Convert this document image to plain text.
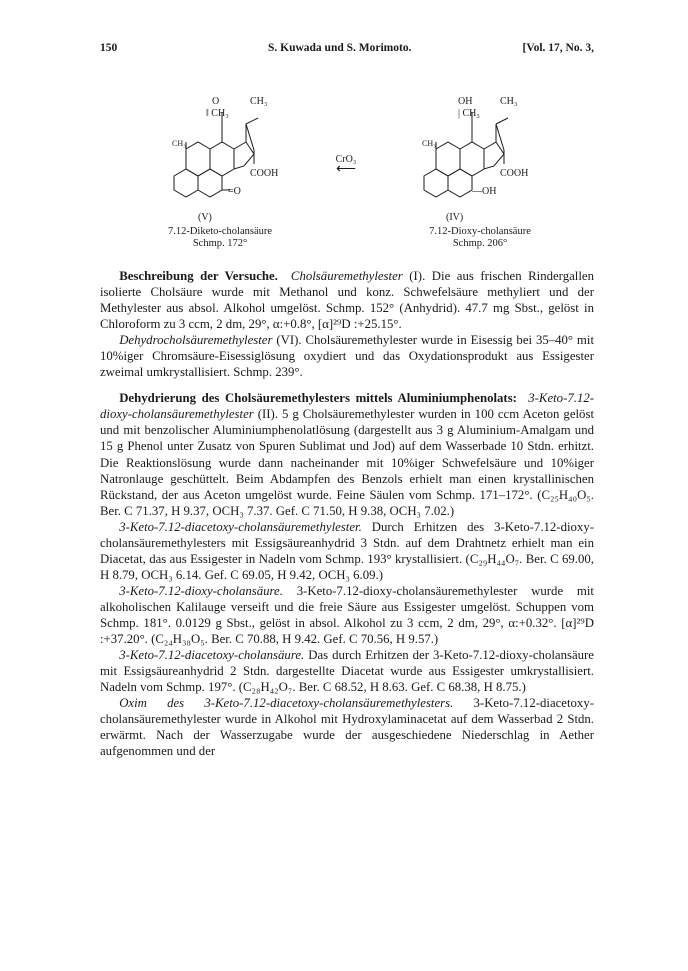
150	S. Kuwada und S. Morimoto.	[Vol. 17, No. 3,
O	CH₃
‖ CH₃
CH₃
COOH
=O
(V)
7.12-Diketo-cholansäure
Schmp. 172°
CrO₃
⟵
OH	CH₃
| CH₃
CH₃
COOH
—OH
(IV)
7.12-Dioxy-cholansäure
Schmp. 206°

Beschreibung der Versuche. Cholsäuremethylester (I). Die aus frischen Rindergallen isolierte Cholsäure wurde mit Methanol und konz. Schwefelsäure methyliert und der Methylester aus absol. Alkohol umgelöst. Schmp. 152° (Anhydrid). 47.7 mg Sbst., gelöst in Chloroform zu 3 ccm, 2 dm, 29°, α:+0.8°, [α]²⁹D :+25.15°.

Dehydrocholsäuremethylester (VI). Cholsäuremethylester wurde in Eisessig bei 35–40° mit 10%iger Chromsäure-Eisessiglösung oxydiert und das Oxydationsprodukt aus Essigester zweimal umkrystallisiert. Schmp. 239°.

Dehydrierung des Cholsäuremethylesters mittels Aluminiumphenolats: 3-Keto-7.12-dioxy-cholansäuremethylester (II). 5 g Cholsäuremethylester wurden in 100 ccm Aceton gelöst und mit benzolischer Aluminiumphenolatlösung (dargestellt aus 3 g Aluminium-Amalgam und 15 g Phenol unter Zusatz von Spuren Sublimat und Jod) auf dem Wasserbade 10 Stdn. erhitzt. Die Reaktionslösung wurde dann nacheinander mit 10%iger Schwefelsäure und 10%iger Natronlauge geschüttelt. Beim Abdampfen des Benzols erhielt man einen krystallinischen Rückstand, der aus Aceton umgelöst wurde. Feine Säulen vom Schmp. 171–172°. (C₂₅H₄₀O₅. Ber. C 71.37, H 9.37, OCH₃ 7.37. Gef. C 71.50, H 9.38, OCH₃ 7.02.)

3-Keto-7.12-diacetoxy-cholansäuremethylester. Durch Erhitzen des 3-Keto-7.12-dioxy-cholansäuremethylesters mit Essigsäureanhydrid 3 Stdn. auf dem Drahtnetz erhielt man ein Diacetat, das aus Essigester in Nadeln vom Schmp. 193° krystallisiert. (C₂₉H₄₄O₇. Ber. C 69.00, H 8.79, OCH₃ 6.14. Gef. C 69.05, H 9.42, OCH₃ 6.09.)

3-Keto-7.12-dioxy-cholansäure. 3-Keto-7.12-dioxy-cholansäuremethylester wurde mit alkoholischen Kalilauge verseift und die freie Säure aus Essigester umgelöst. Schuppen vom Schmp. 181°. 0.0129 g Sbst., gelöst in absol. Alkohol zu 3 ccm, 2 dm, 29°, α:+0.32°. [α]²⁹D :+37.20°. (C₂₄H₃₈O₅. Ber. C 70.88, H 9.42. Gef. C 70.56, H 9.57.)

3-Keto-7.12-diacetoxy-cholansäure. Das durch Erhitzen der 3-Keto-7.12-dioxy-cholansäure mit Essigsäureanhydrid 2 Stdn. dargestellte Diacetat wurde aus Essigester umkrystallisiert. Nadeln vom Schmp. 197°. (C₂₈H₄₂O₇. Ber. C 68.52, H 8.63. Gef. C 68.38, H 8.75.)

Oxim des 3-Keto-7.12-diacetoxy-cholansäuremethylesters. 3-Keto-7.12-diacetoxy-cholansäuremethylester wurde in Alkohol mit Hydroxylaminacetat auf dem Wasserbad 2 Stdn. erwärmt. Nach der Wasserzugabe wurde der ausgeschiedene Niederschlag in Aether aufgenommen und der
